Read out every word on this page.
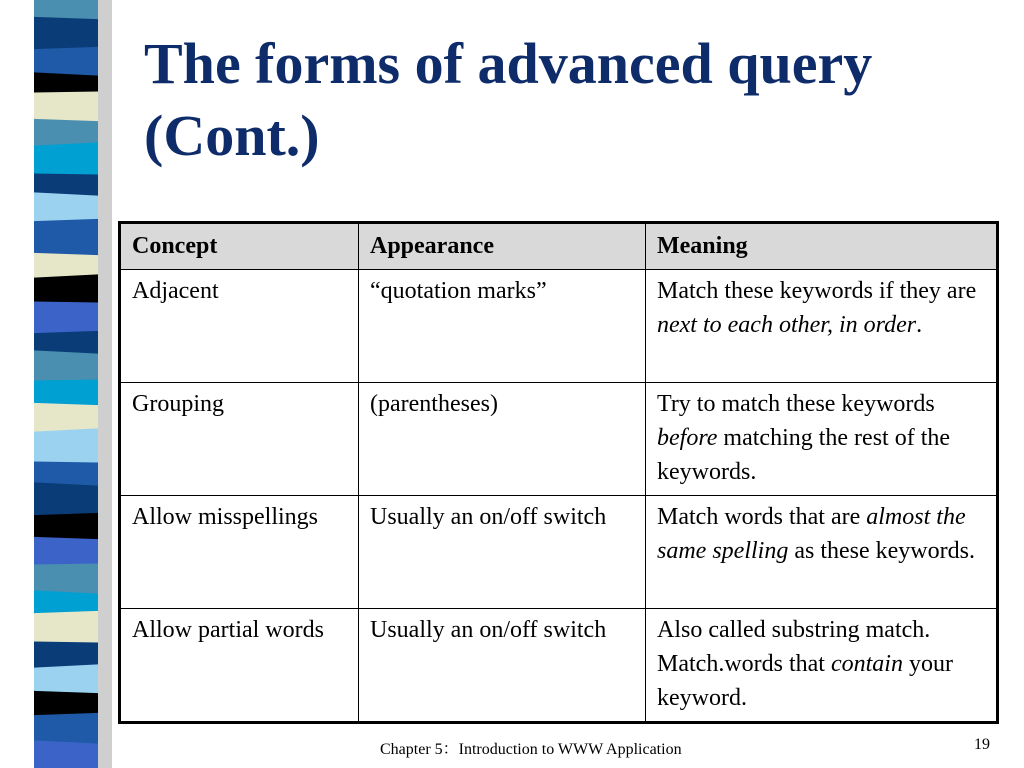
The forms of advanced query (Cont.)
Concept	Appearance	Meaning
Adjacent	“quotation marks”	Match these keywords if they are next to each other, in order.
Grouping	(parentheses)	Try to match these keywords before matching the rest of the keywords.
Allow misspellings	Usually an on/off switch	Match words that are almost the same spelling as these keywords.
Allow partial words	Usually an on/off switch	Also called substring match. Match.words that contain your keyword.
Chapter 5：Introduction to WWW Application	19
